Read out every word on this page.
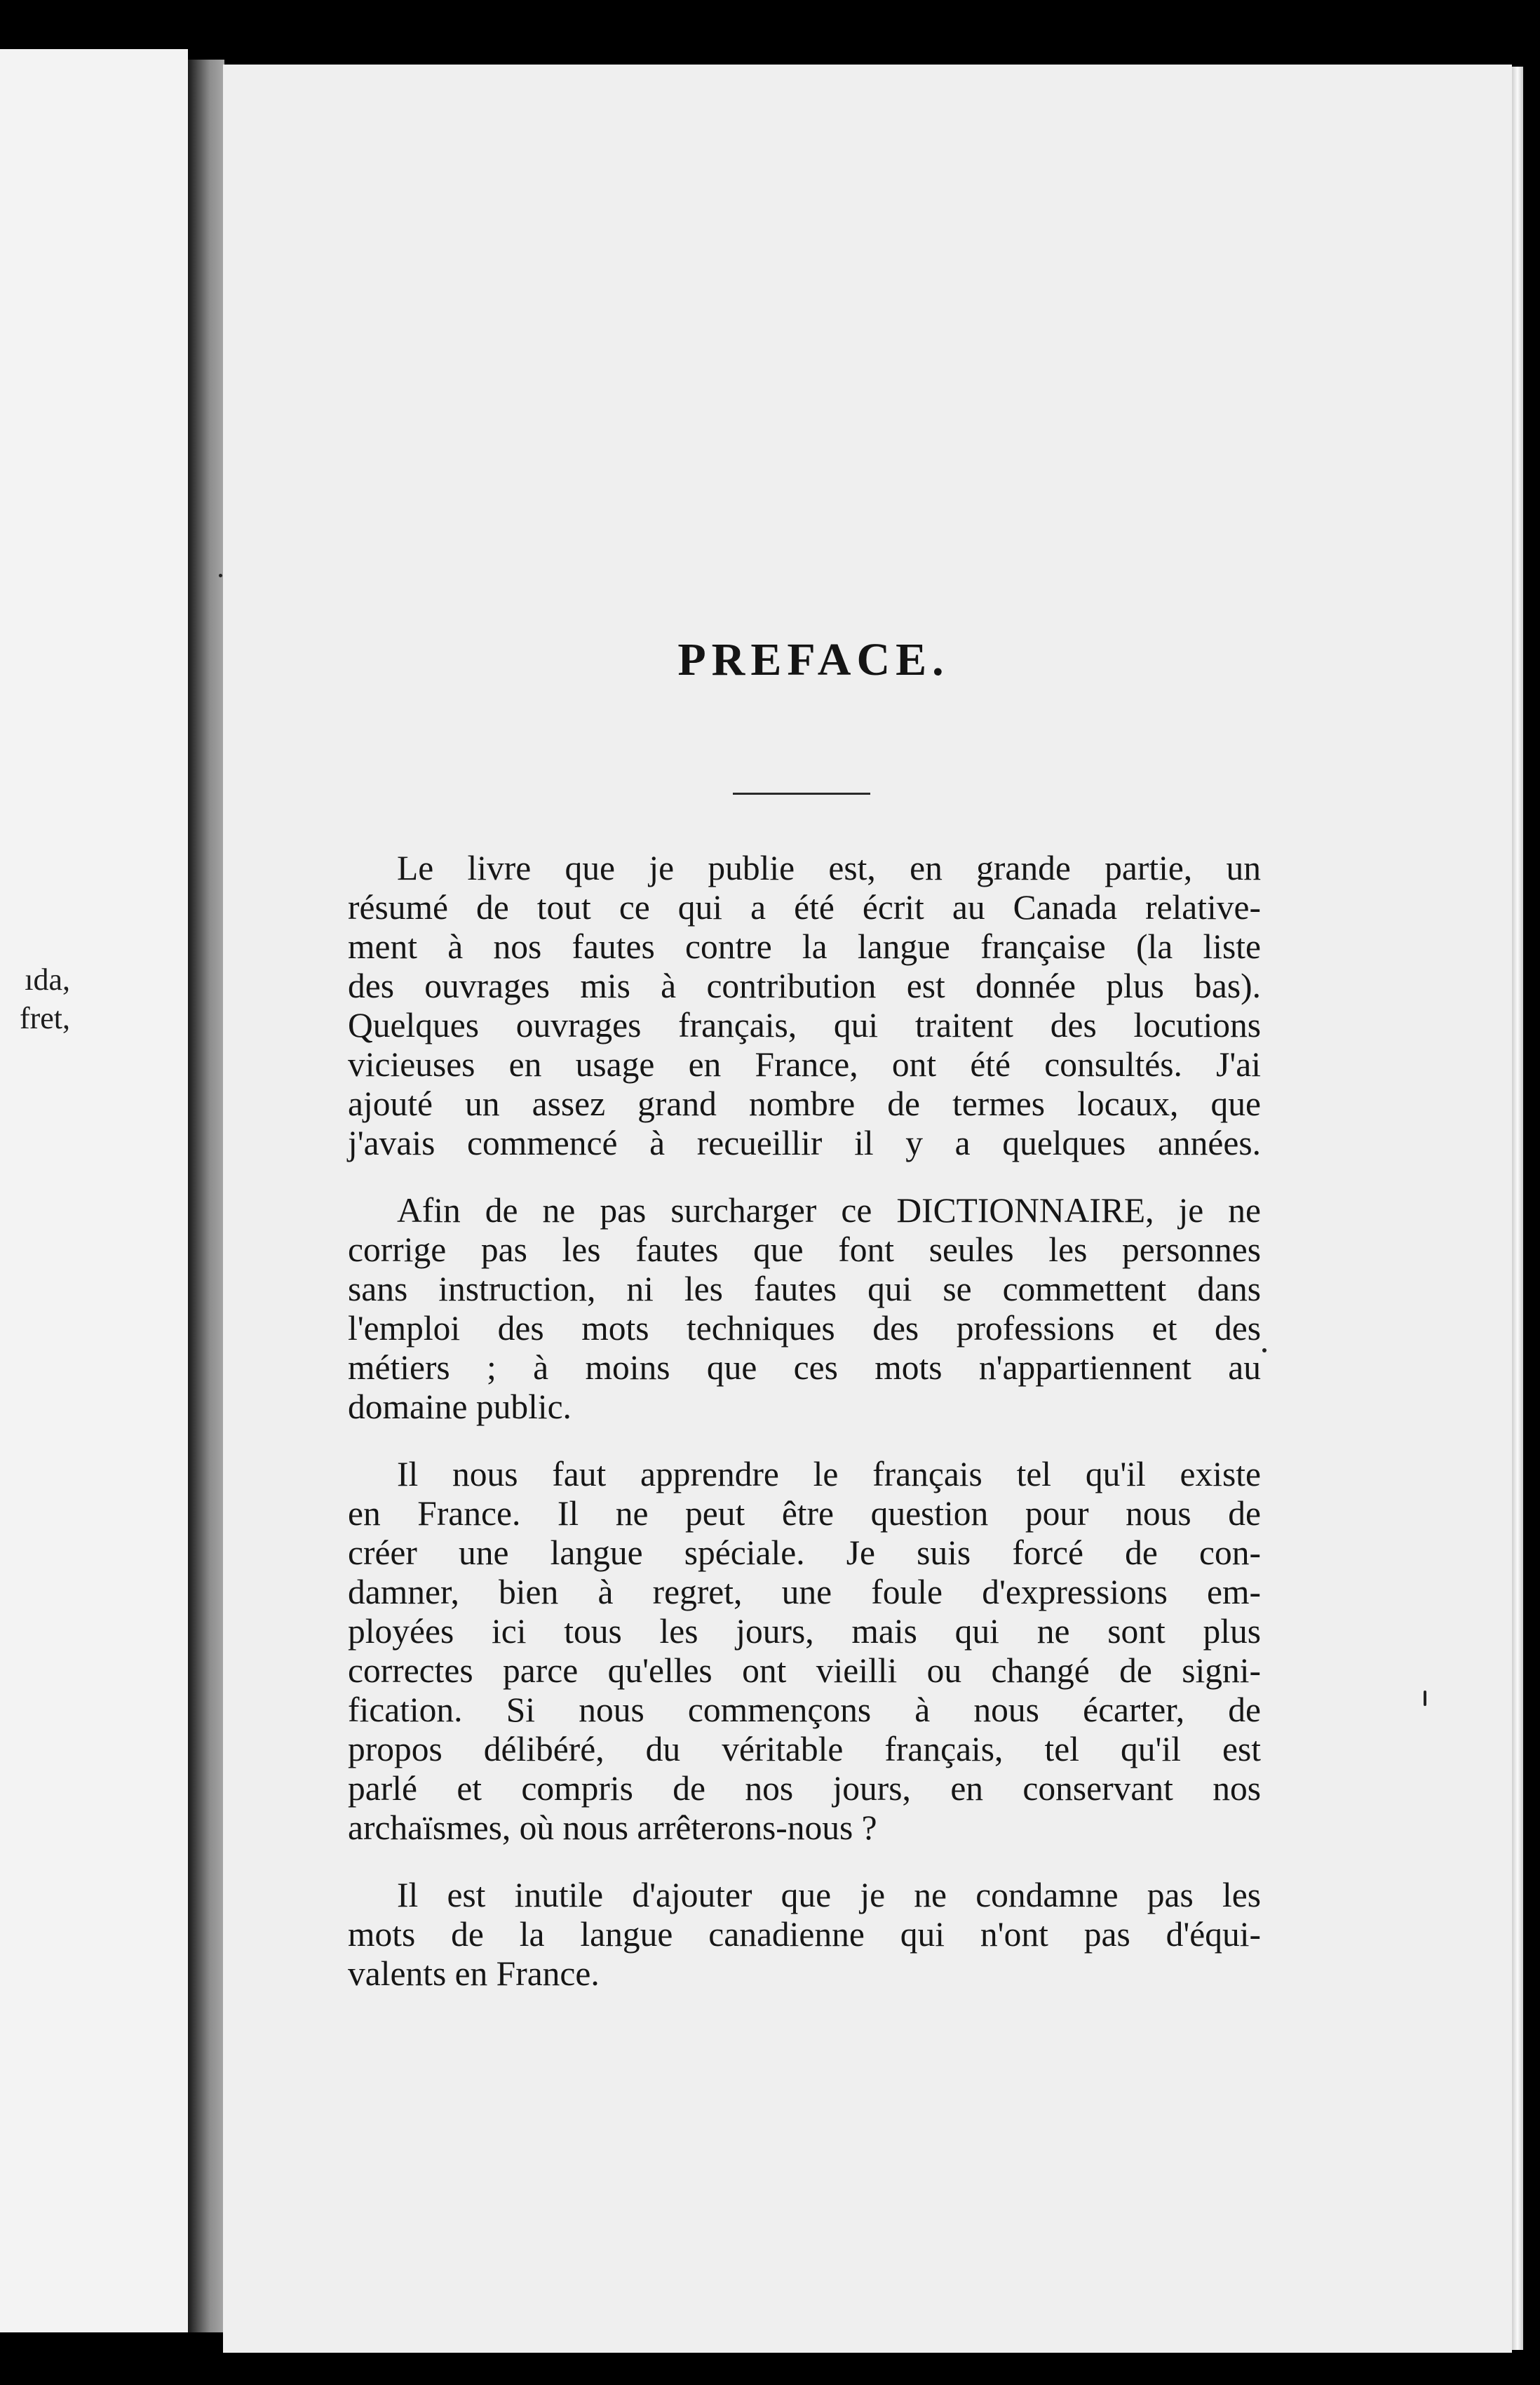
ıda,
fret,
PREFACE.

Le livre que je publie est, en grande partie, un
résumé de tout ce qui a été écrit au Canada relative-
ment à nos fautes contre la langue française (la liste
des ouvrages mis à contribution est donnée plus bas).
Quelques ouvrages français, qui traitent des locutions
vicieuses en usage en France, ont été consultés. J'ai
ajouté un assez grand nombre de termes locaux, que
j'avais commencé à recueillir il y a quelques années.

Afin de ne pas surcharger ce DICTIONNAIRE, je ne
corrige pas les fautes que font seules les personnes
sans instruction, ni les fautes qui se commettent dans
l'emploi des mots techniques des professions et des
métiers ; à moins que ces mots n'appartiennent au
domaine public.

Il nous faut apprendre le français tel qu'il existe
en France. Il ne peut être question pour nous de
créer une langue spéciale. Je suis forcé de con-
damner, bien à regret, une foule d'expressions em-
ployées ici tous les jours, mais qui ne sont plus
correctes parce qu'elles ont vieilli ou changé de signi-
fication. Si nous commençons à nous écarter, de
propos délibéré, du véritable français, tel qu'il est
parlé et compris de nos jours, en conservant nos
archaïsmes, où nous arrêterons-nous ?

Il est inutile d'ajouter que je ne condamne pas les
mots de la langue canadienne qui n'ont pas d'équi-
valents en France.
